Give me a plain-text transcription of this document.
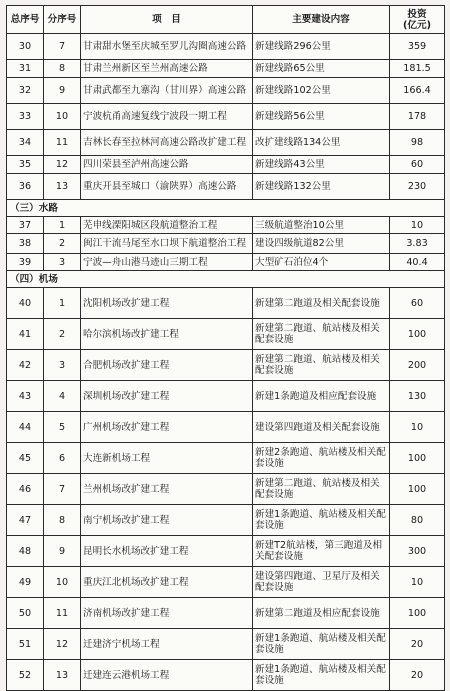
总序号	分序号	项　目	主要建设内容	投资
(亿元)

30	7	甘肃甜水堡至庆城至罗儿沟圈高速公路	新建线路296公里	359
31	8	甘肃兰州新区至兰州高速公路	新建线路65公里	181.5
32	9	甘肃武都至九寨沟（甘川界）高速公路	新建线路102公里	166.4
33	10	宁波杭甬高速复线宁波段一期工程	新建线路56公里	178
34	11	吉林长春至拉林河高速公路改扩建工程	改扩建线路134公里	98
35	12	四川荣县至泸州高速公路	新建线路43公里	60
36	13	重庆开县至城口（渝陕界）高速公路	新建线路132公里	230
（三）水路				
37	1	芜申线溧阳城区段航道整治工程	三级航道整治10公里	10
38	2	闽江干流马尾至水口坝下航道整治工程	建设四级航道82公里	3.83
39	3	宁波—舟山港马迹山三期工程	大型矿石泊位4个	40.4
（四）机场				
40	1	沈阳机场改扩建工程	新建第二跑道及相关配套设施	60
41	2	哈尔滨机场改扩建工程	新建第二跑道、航站楼及相关配套设施	100
42	3	合肥机场改扩建工程	新建第二跑道、航站楼及相关配套设施	200
43	4	深圳机场改扩建工程	新建1条跑道及相应配套设施	130
44	5	广州机场改扩建工程	建设第四跑道及相关配套设施	10
45	6	大连新机场工程	新建2条跑道、航站楼及相关配套设施	100
46	7	兰州机场改扩建工程	新建第二跑道、航站楼及相关配套设施	100
47	8	南宁机场改扩建工程	新建1条跑道、航站楼及相关配套设施	80
48	9	昆明长水机场改扩建工程	新建T2航站楼，第三跑道及相关配套设施	300
49	10	重庆江北机场改扩建工程	建设第四跑道、卫星厅及相关配套设施	10
50	11	济南机场改扩建工程	新建第二跑道及相应配套设施	100
51	12	迁建济宁机场工程	新建1条跑道、航站楼及相关配套设施	20
52	13	迁建连云港机场工程	新建1条跑道、航站楼及相关配套设施	20
